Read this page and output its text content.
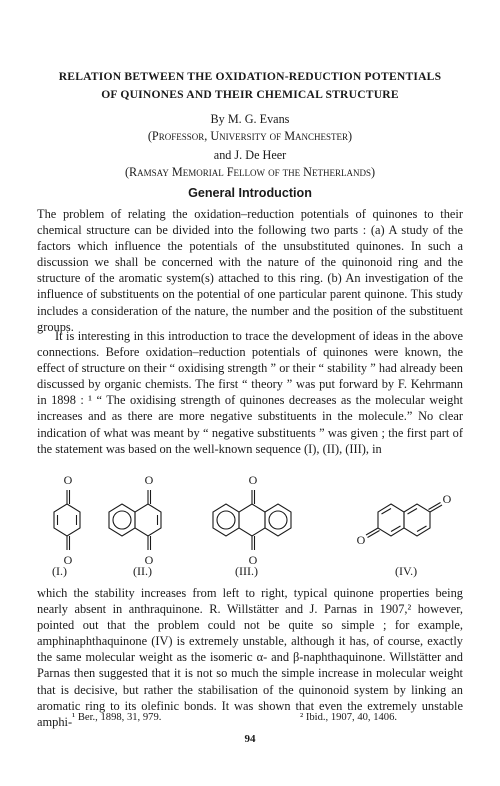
RELATION BETWEEN THE OXIDATION-REDUCTION POTENTIALS
OF QUINONES AND THEIR CHEMICAL STRUCTURE
By M. G. Evans
(Professor, University of Manchester)
and J. De Heer
(Ramsay Memorial Fellow of the Netherlands)
General Introduction
The problem of relating the oxidation–reduction potentials of quinones to their chemical structure can be divided into the following two parts : (a) A study of the factors which influence the potentials of the unsubstituted quinones. In such a discussion we shall be concerned with the nature of the quinonoid ring and the structure of the aromatic system(s) attached to this ring. (b) An investigation of the influence of substituents on the potential of one particular parent quinone. This study includes a consideration of the nature, the number and the position of the substituent groups.
It is interesting in this introduction to trace the development of ideas in the above connections. Before oxidation–reduction potentials of quinones were known, the effect of structure on their “ oxidising strength ” or their “ stability ” had already been discussed by organic chemists. The first “ theory ” was put forward by F. Kehrmann in 1898 : ¹ “ The oxidising strength of quinones decreases as the molecular weight increases and as there are more negative substituents in the molecule.” No clear indication of what was meant by “ negative substituents ” was given ; the first part of the statement was based on the well-known sequence (I), (II), (III), in
O
O
O
O
O
O
O
O
(I.)	(II.)	(III.)	(IV.)
which the stability increases from left to right, typical quinone properties being nearly absent in anthraquinone. R. Willstätter and J. Parnas in 1907,² however, pointed out that the problem could not be quite so simple ; for example, amphinaphthaquinone (IV) is extremely unstable, although it has, of course, exactly the same molecular weight as the isomeric α- and β-naphthaquinone. Willstätter and Parnas then suggested that it is not so much the simple increase in molecular weight that is decisive, but rather the stabilisation of the quinonoid system by linking an aromatic ring to its olefinic bonds. It was shown that even the extremely unstable amphi- ¹ Ber., 1898, 31, 979.	² Ibid., 1907, 40, 1406.
94
